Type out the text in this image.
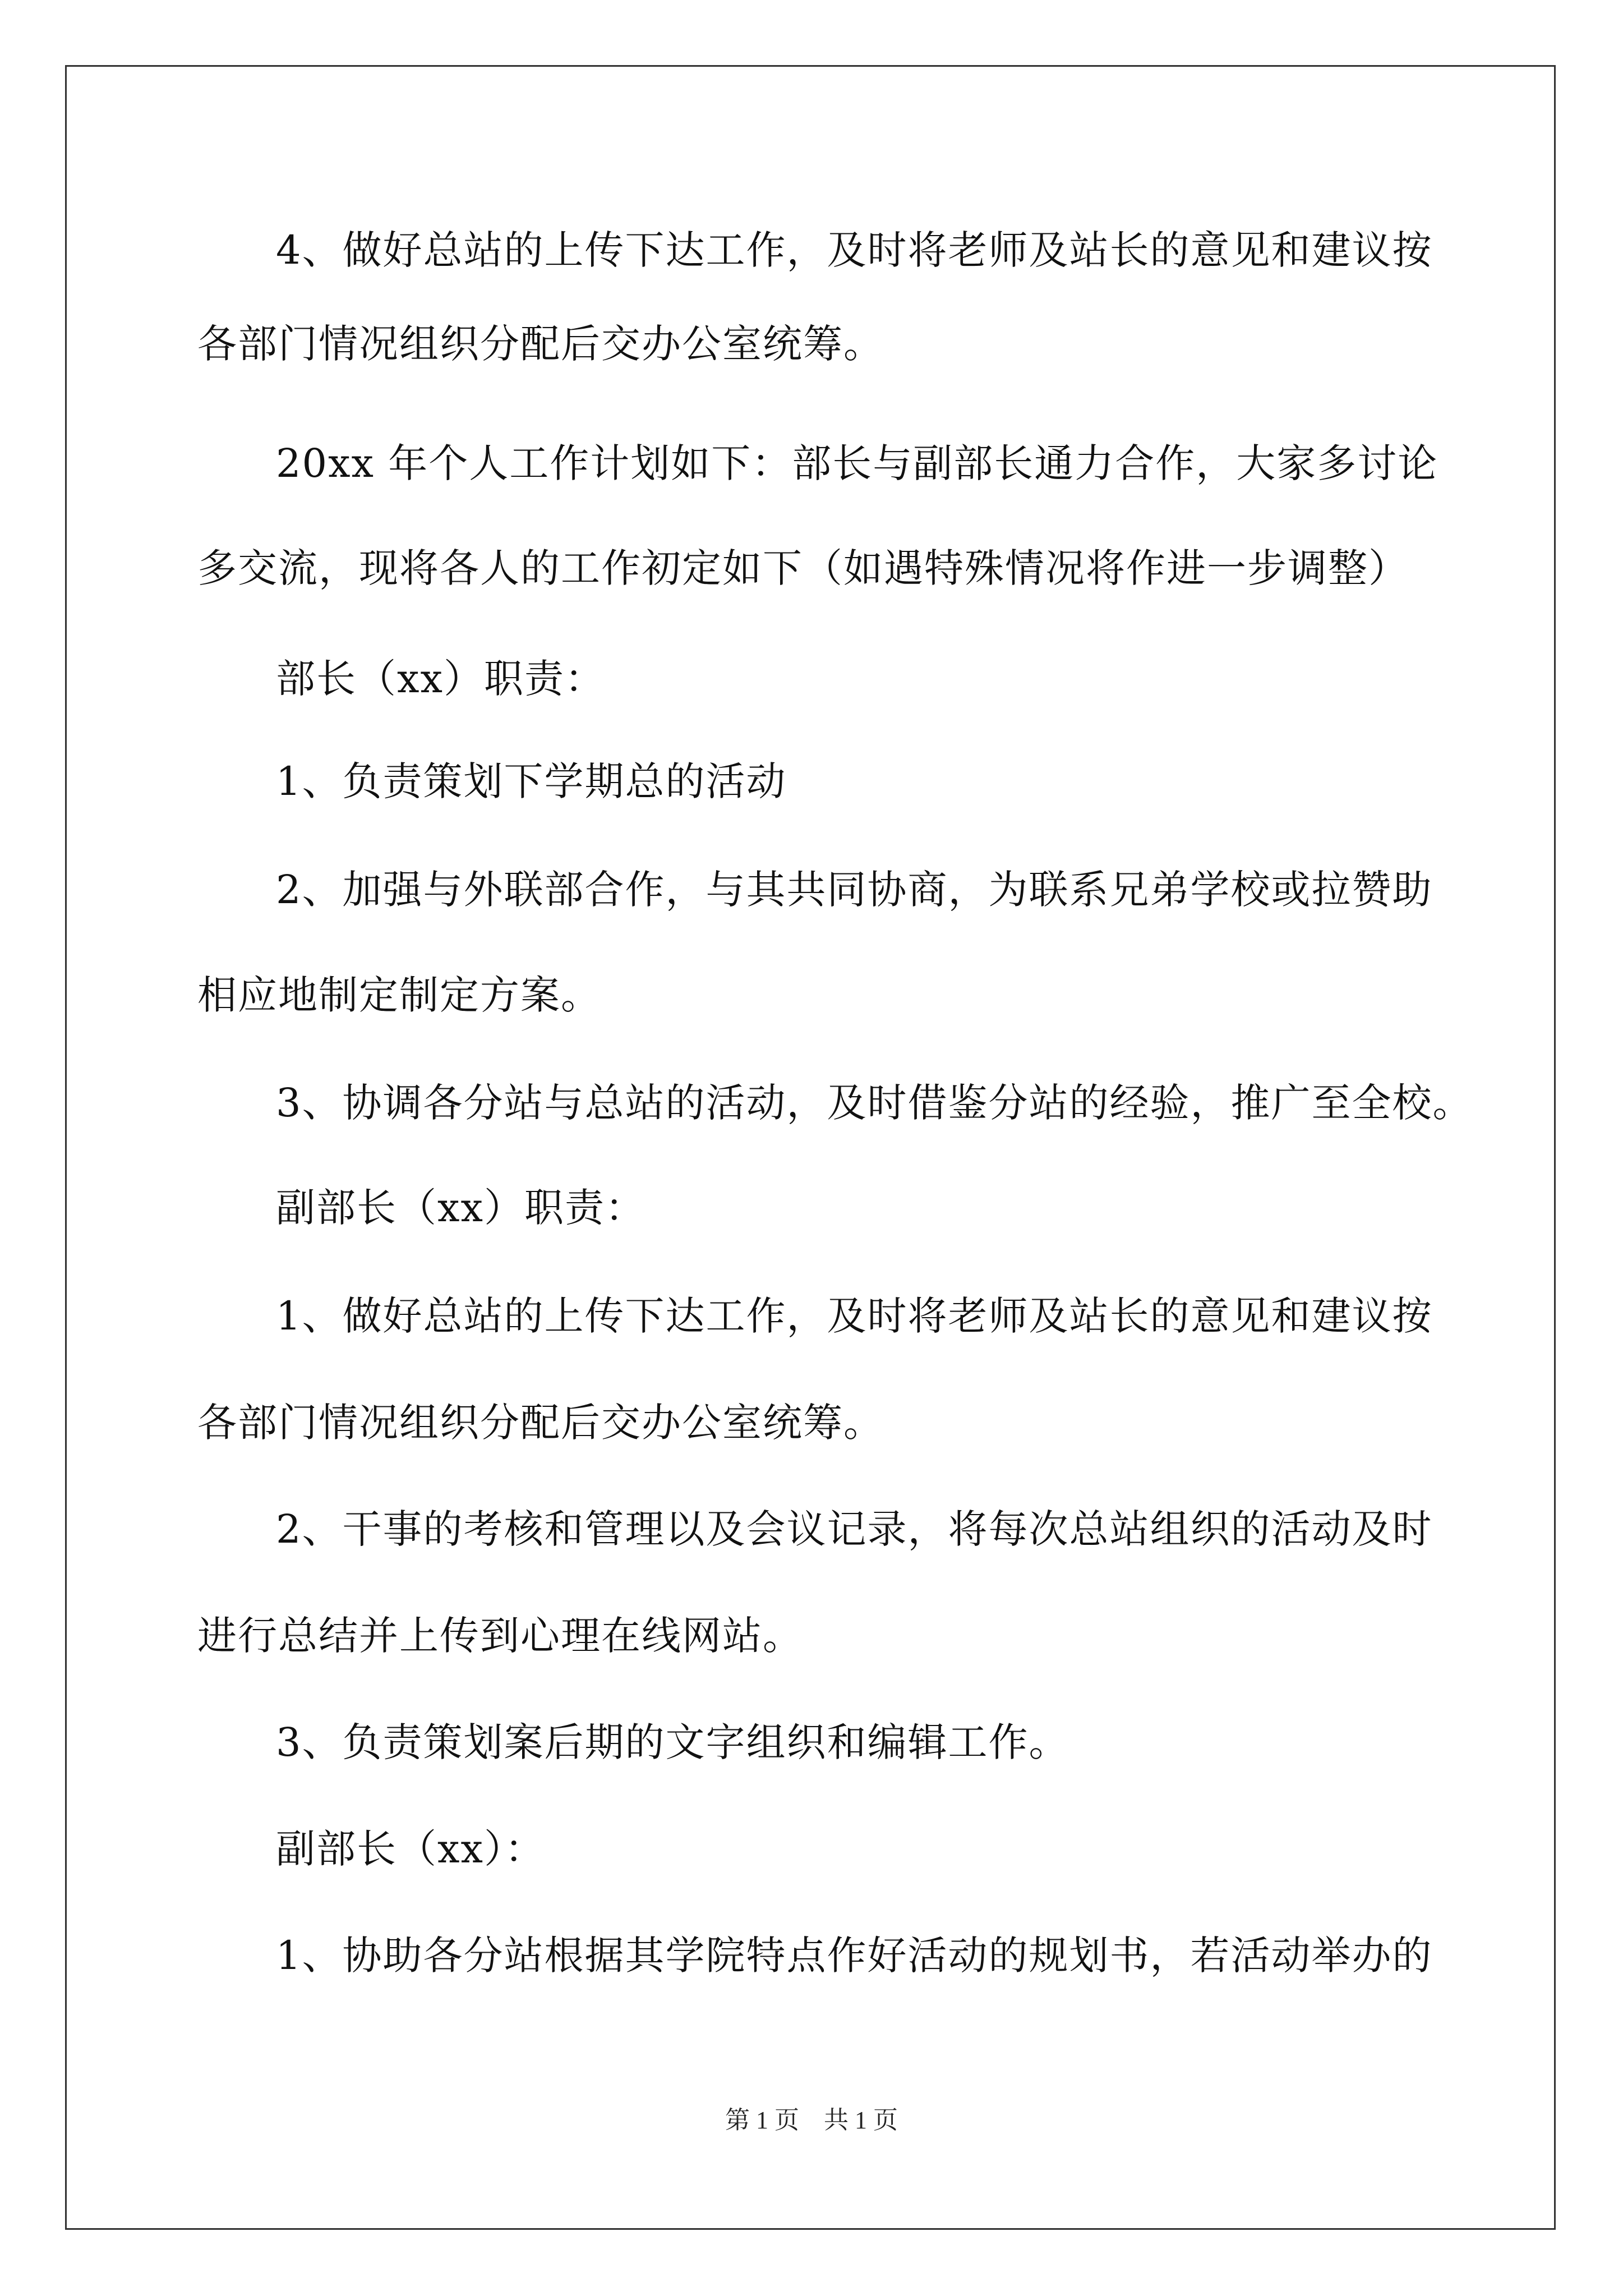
4、做好总站的上传下达工作，及时将老师及站长的意见和建议按
各部门情况组织分配后交办公室统筹。
20xx 年个人工作计划如下：部长与副部长通力合作，大家多讨论
多交流，现将各人的工作初定如下（如遇特殊情况将作进一步调整）
部长（xx）职责：
1、负责策划下学期总的活动
2、加强与外联部合作，与其共同协商，为联系兄弟学校或拉赞助
相应地制定制定方案。
3、协调各分站与总站的活动，及时借鉴分站的经验，推广至全校。
副部长（xx）职责：
1、做好总站的上传下达工作，及时将老师及站长的意见和建议按
各部门情况组织分配后交办公室统筹。
2、干事的考核和管理以及会议记录，将每次总站组织的活动及时
进行总结并上传到心理在线网站。
3、负责策划案后期的文字组织和编辑工作。
副部长（xx）：
1、协助各分站根据其学院特点作好活动的规划书，若活动举办的
第 1 页    共 1 页
